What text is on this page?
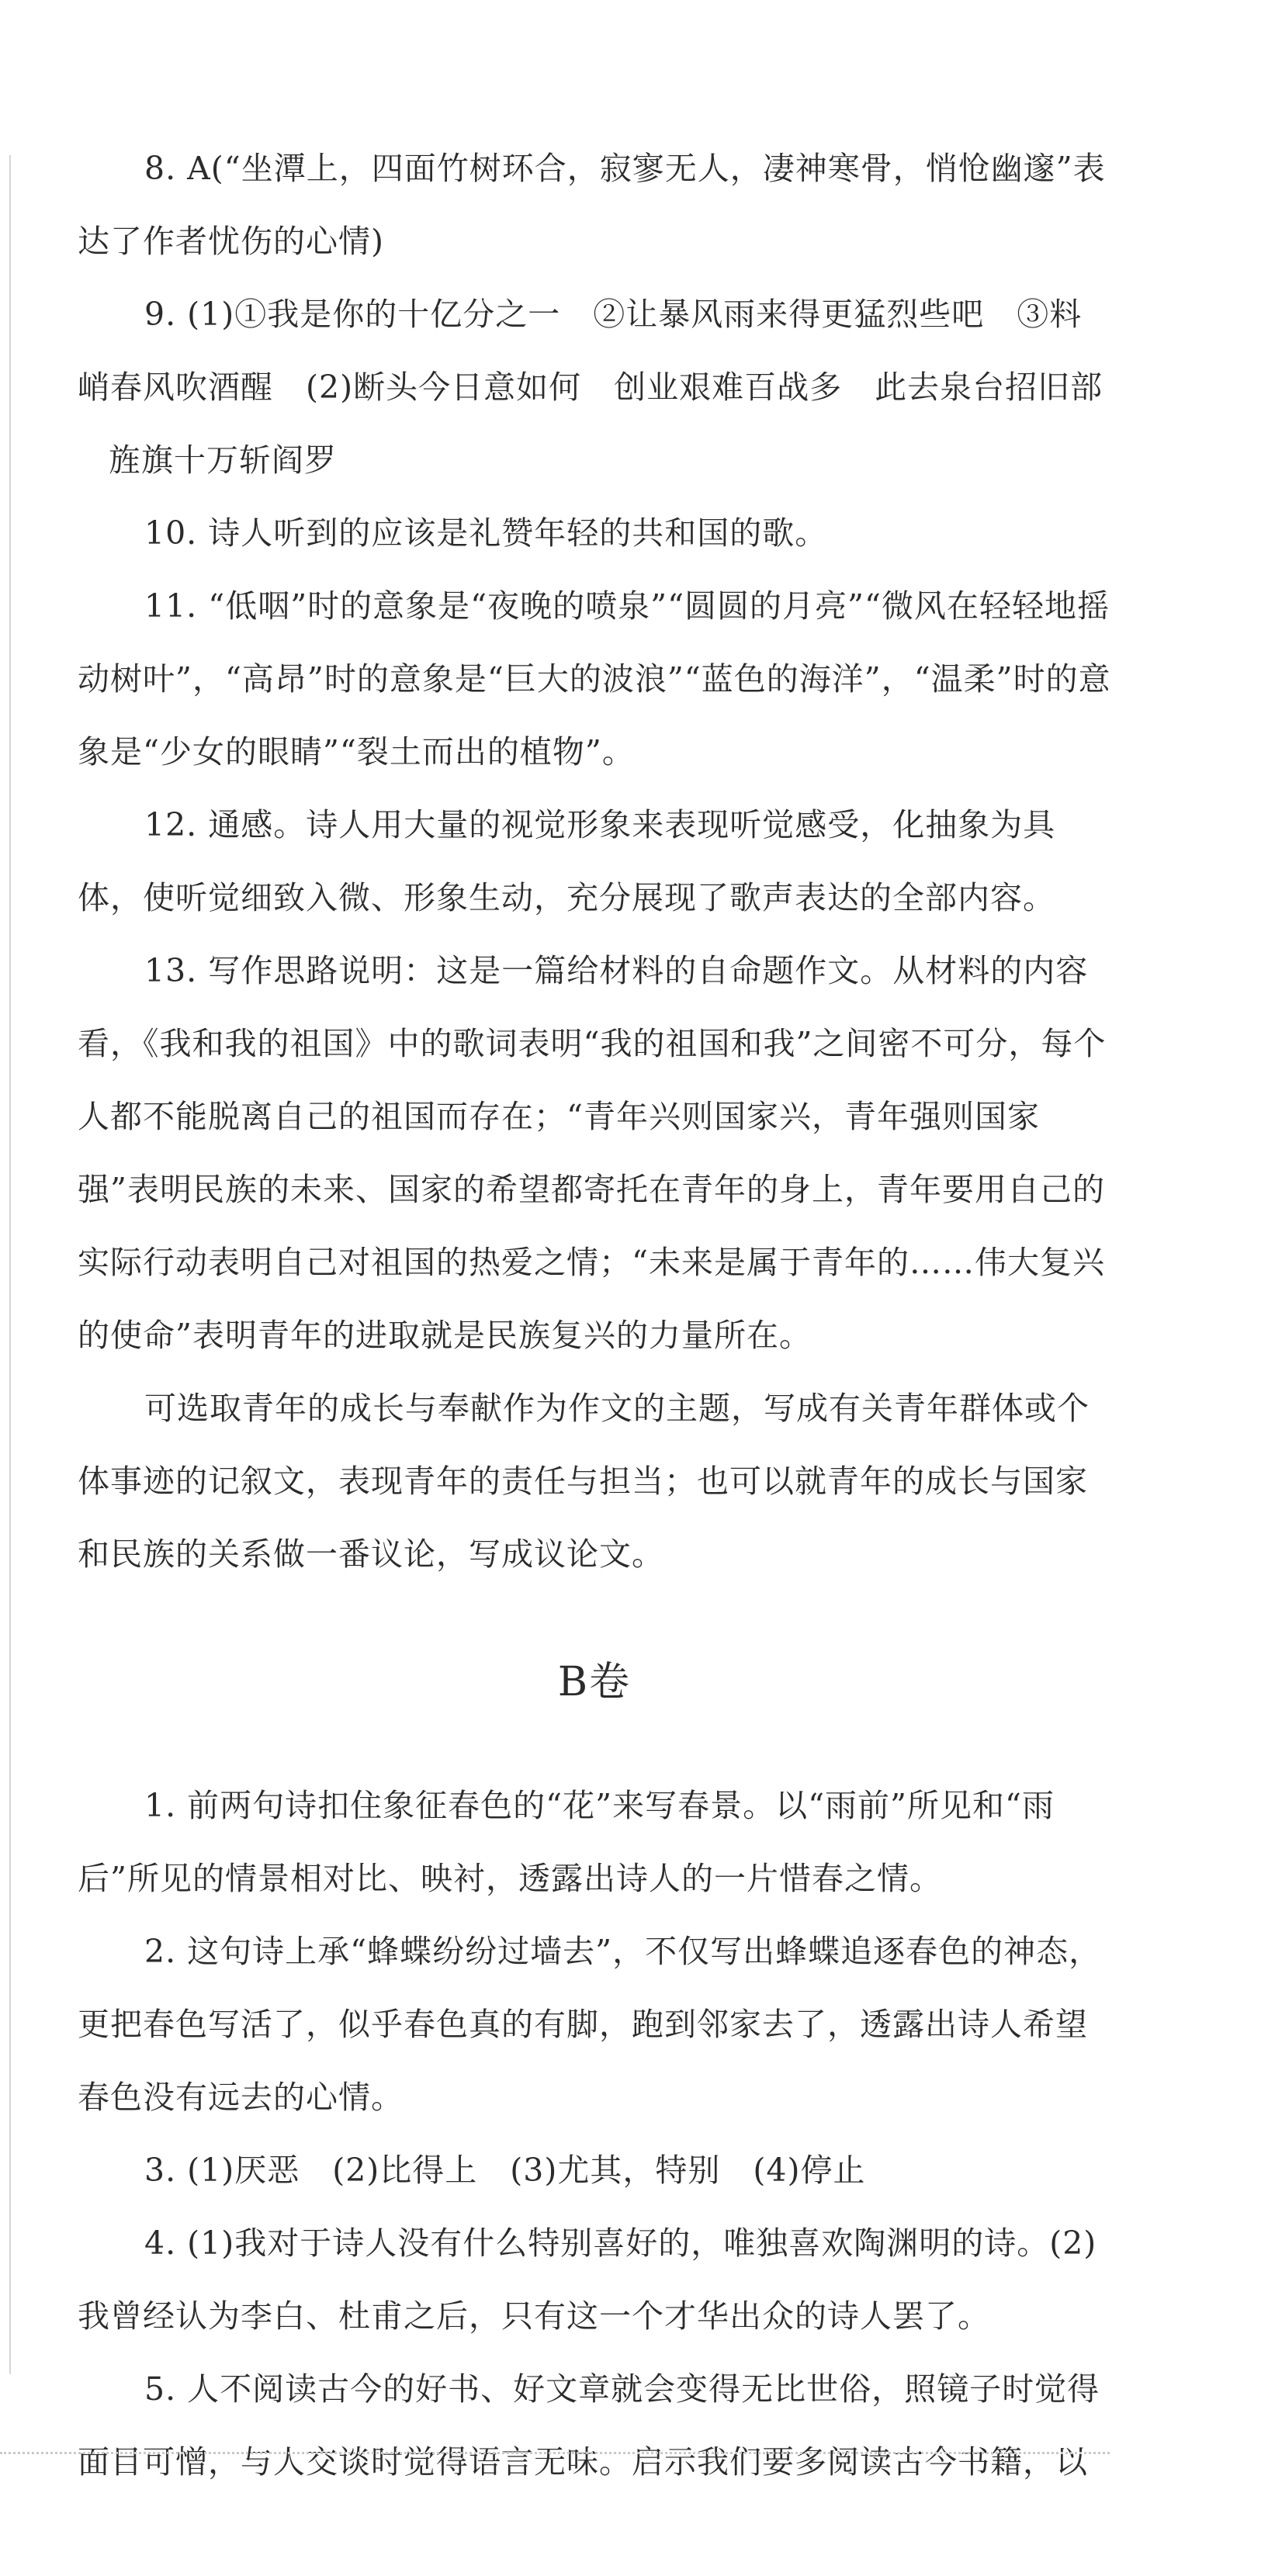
8. A(“坐潭上，四面竹树环合，寂寥无人，凄神寒骨，悄怆幽邃”表达了作者忧伤的心情)

9. (1)①我是你的十亿分之一　②让暴风雨来得更猛烈些吧　③料峭春风吹酒醒　(2)断头今日意如何　创业艰难百战多　此去泉台招旧部

旌旗十万斩阎罗

10. 诗人听到的应该是礼赞年轻的共和国的歌。

11. “低咽”时的意象是“夜晚的喷泉”“圆圆的月亮”“微风在轻轻地摇动树叶”，“高昂”时的意象是“巨大的波浪”“蓝色的海洋”，“温柔”时的意象是“少女的眼睛”“裂土而出的植物”。

12. 通感。诗人用大量的视觉形象来表现听觉感受，化抽象为具体，使听觉细致入微、形象生动，充分展现了歌声表达的全部内容。

13. 写作思路说明：这是一篇给材料的自命题作文。从材料的内容看，《我和我的祖国》中的歌词表明“我的祖国和我”之间密不可分，每个人都不能脱离自己的祖国而存在；“青年兴则国家兴，青年强则国家强”表明民族的未来、国家的希望都寄托在青年的身上，青年要用自己的实际行动表明自己对祖国的热爱之情；“未来是属于青年的……伟大复兴的使命”表明青年的进取就是民族复兴的力量所在。

可选取青年的成长与奉献作为作文的主题，写成有关青年群体或个体事迹的记叙文，表现青年的责任与担当；也可以就青年的成长与国家和民族的关系做一番议论，写成议论文。

B卷

1. 前两句诗扣住象征春色的“花”来写春景。以“雨前”所见和“雨后”所见的情景相对比、映衬，透露出诗人的一片惜春之情。

2. 这句诗上承“蜂蝶纷纷过墙去”，不仅写出蜂蝶追逐春色的神态，更把春色写活了，似乎春色真的有脚，跑到邻家去了，透露出诗人希望春色没有远去的心情。

3. (1)厌恶　(2)比得上　(3)尤其，特别　(4)停止

4. (1)我对于诗人没有什么特别喜好的，唯独喜欢陶渊明的诗。(2)我曾经认为李白、杜甫之后，只有这一个才华出众的诗人罢了。

5. 人不阅读古今的好书、好文章就会变得无比世俗，照镜子时觉得面目可憎，与人交谈时觉得语言无味。启示我们要多阅读古今书籍，以
